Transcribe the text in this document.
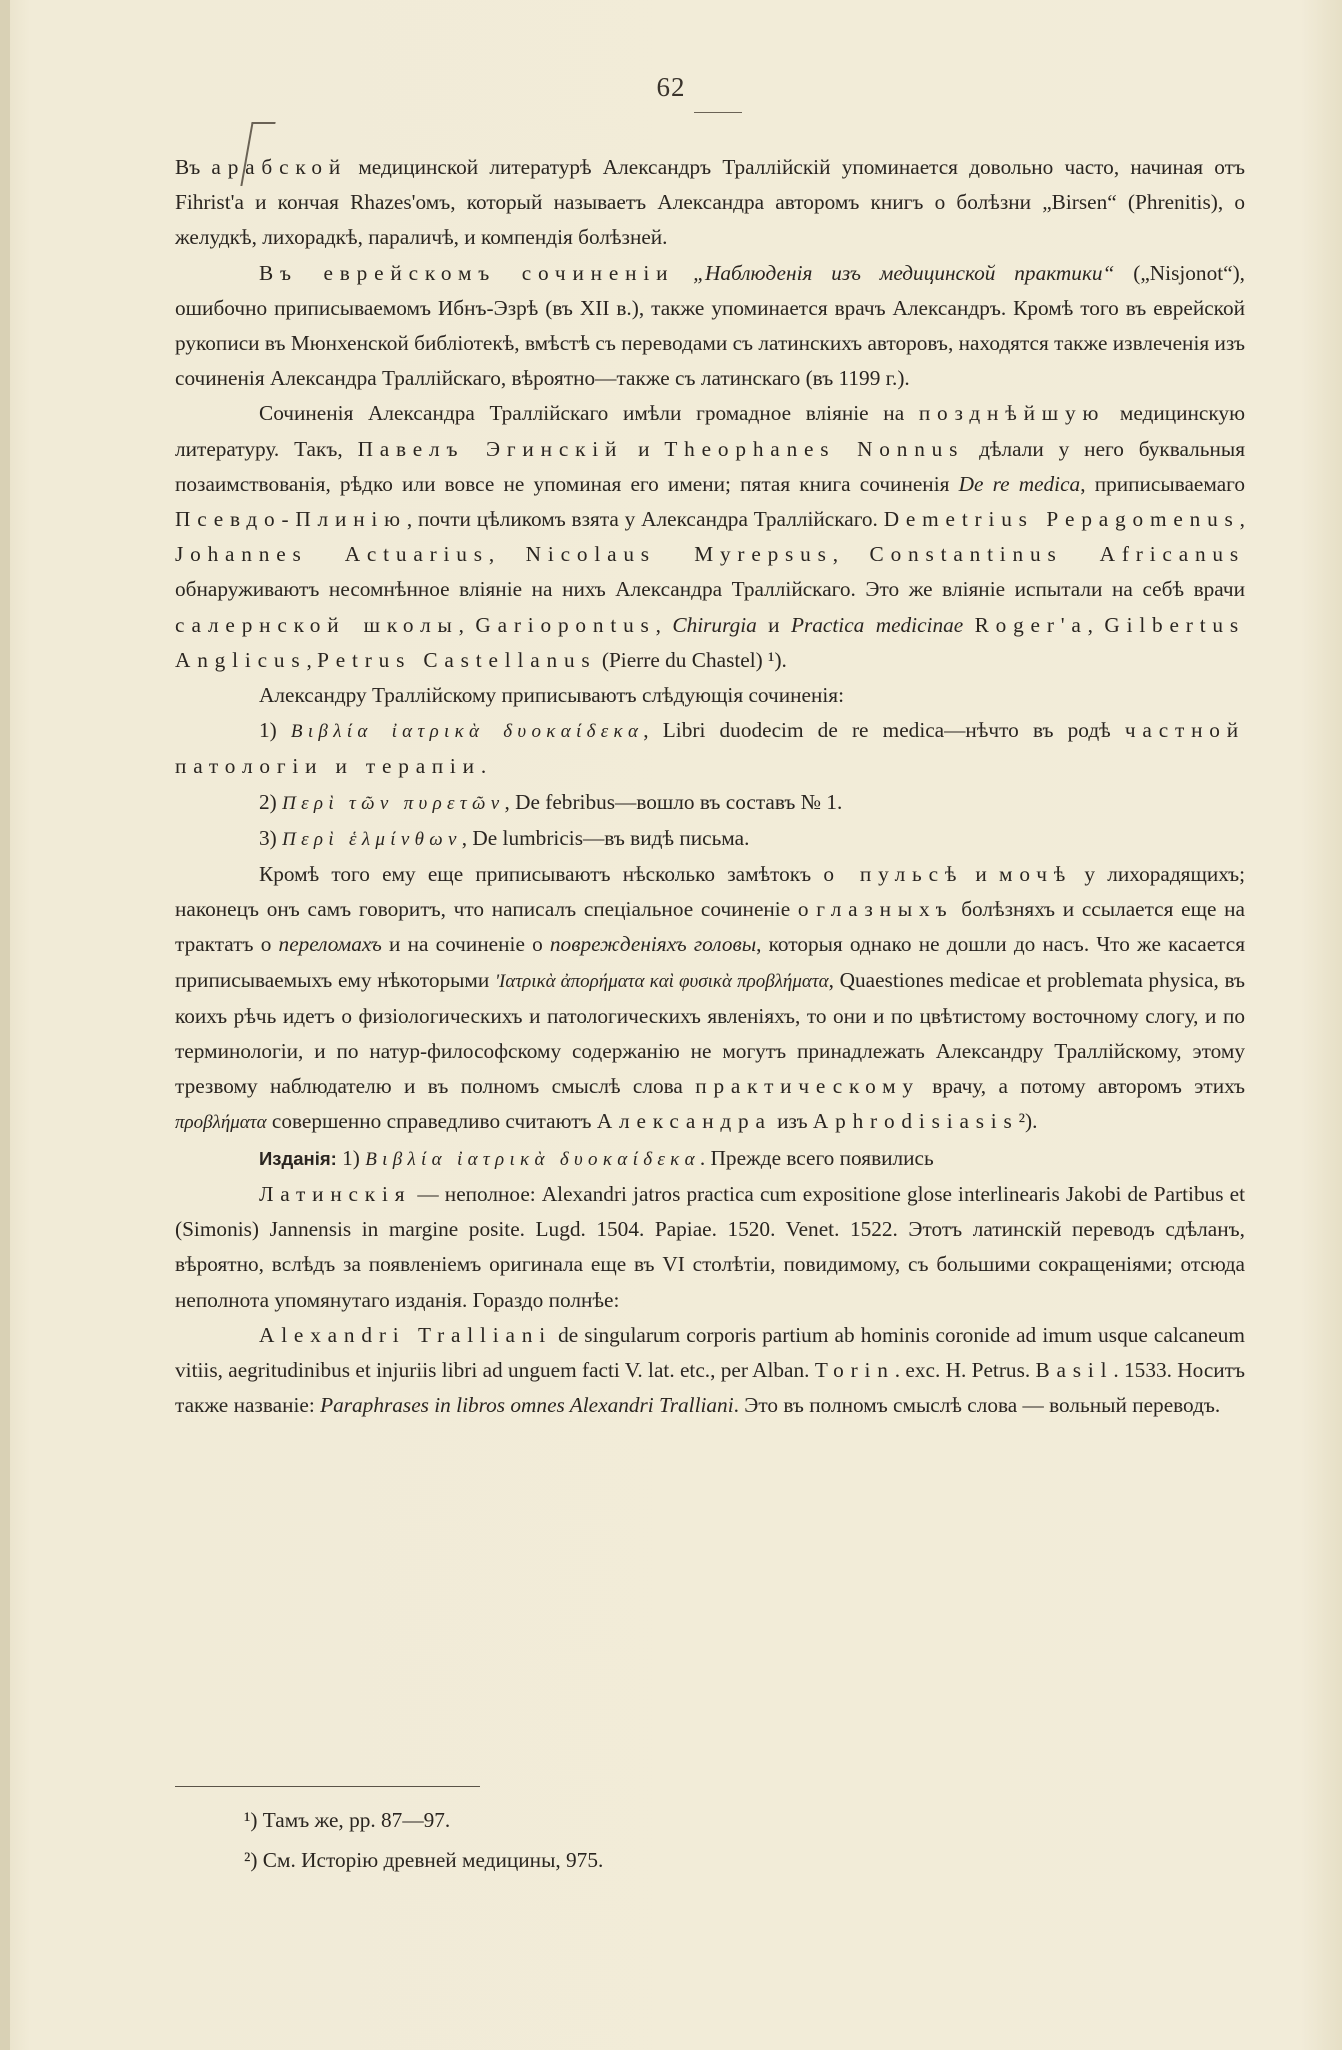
62

Въ арабской медицинской литературѣ Александръ Траллійскій упоминается довольно часто, начиная отъ Fihrist'a и кончая Rhazes'омъ, который называетъ Александра авторомъ книгъ о болѣзни „Birsen“ (Phrenitis), о желудкѣ, лихорадкѣ, параличѣ, и компендія болѣзней.

Въ еврейскомъ сочиненіи „Наблюденія изъ медицинской практики“ („Nisjonot“), ошибочно приписываемомъ Ибнъ-Эзрѣ (въ XII в.), также упоминается врачъ Александръ. Кромѣ того въ еврейской рукописи въ Мюнхенской библіотекѣ, вмѣстѣ съ переводами съ латинскихъ авторовъ, находятся также извлеченія изъ сочиненія Александра Траллійскаго, вѣроятно—также съ латинскаго (въ 1199 г.).

Сочиненія Александра Траллійскаго имѣли громадное вліяніе на позднѣйшую медицинскую литературу. Такъ, Павелъ Эгинскій и Theophanes Nonnus дѣлали у него буквальныя позаимствованія, рѣдко или вовсе не упоминая его имени; пятая книга сочиненія De re medica, приписываемаго Псевдо-Плинію, почти цѣликомъ взята у Александра Траллійскаго. Demetrius Pepagomenus, Johannes Actuarius, Nicolaus Myrepsus, Constantinus Africanus обнаруживаютъ несомнѣнное вліяніе на нихъ Александра Траллійскаго. Это же вліяніе испытали на себѣ врачи салернской школы, Gariopontus, Chirurgia и Practica medicinae Roger'a, Gilbertus Anglicus, Petrus Castellanus (Pierre du Chastel) ¹).

Александру Траллійскому приписываютъ слѣдующія сочиненія:

1) Βιβλία ἰατρικὰ δυοκαίδεκα, Libri duodecim de re medica—нѣчто въ родѣ частной патологіи и терапіи.

2) Περὶ τῶν πυρετῶν, De febribus—вошло въ составъ № 1.

3) Περὶ ἑλμίνθων, De lumbricis—въ видѣ письма.

Кромѣ того ему еще приписываютъ нѣсколько замѣтокъ о пульсѣ и мочѣ у лихорадящихъ; наконецъ онъ самъ говоритъ, что написалъ спеціальное сочиненіе о глазныхъ болѣзняхъ и ссылается еще на трактатъ о переломахъ и на сочиненіе о поврежденіяхъ головы, которыя однако не дошли до насъ. Что же касается приписываемыхъ ему нѣкоторыми 'Ιατρικὰ ἀπορήματα καὶ φυσικὰ προβλήματα, Quaestiones medicae et problemata physica, въ коихъ рѣчь идетъ о физіологическихъ и патологическихъ явленіяхъ, то они и по цвѣтистому восточному слогу, и по терминологіи, и по натур-философскому содержанію не могутъ принадлежать Александру Траллійскому, этому трезвому наблюдателю и въ полномъ смыслѣ слова практическому врачу, а потому авторомъ этихъ προβλήματα совершенно справедливо считаютъ Александра изъ Aphrodisiasis²).

Изданія: 1) Βιβλία ἰατρικὰ δυοκαίδεκα. Прежде всего появились

Латинскія — неполное: Alexandri jatros practica cum expositione glose interlinearis Jakobi de Partibus et (Simonis) Jannensis in margine posite. Lugd. 1504. Papiae. 1520. Venet. 1522. Этотъ латинскій переводъ сдѣланъ, вѣроятно, вслѣдъ за появленіемъ оригинала еще въ VI столѣтіи, повидимому, съ большими сокращеніями; отсюда неполнота упомянутаго изданія. Гораздо полнѣе:

Alexandri Tralliani de singularum corporis partium ab hominis coronide ad imum usque calcaneum vitiis, aegritudinibus et injuriis libri ad unguem facti V. lat. etc., per Alban. Torin. exc. H. Petrus. Basil. 1533. Носитъ также названіе: Paraphrases in libros omnes Alexandri Tralliani. Это въ полномъ смыслѣ слова — вольный переводъ.

¹) Тамъ же, pp. 87—97.
²) См. Исторію древней медицины, 975.
